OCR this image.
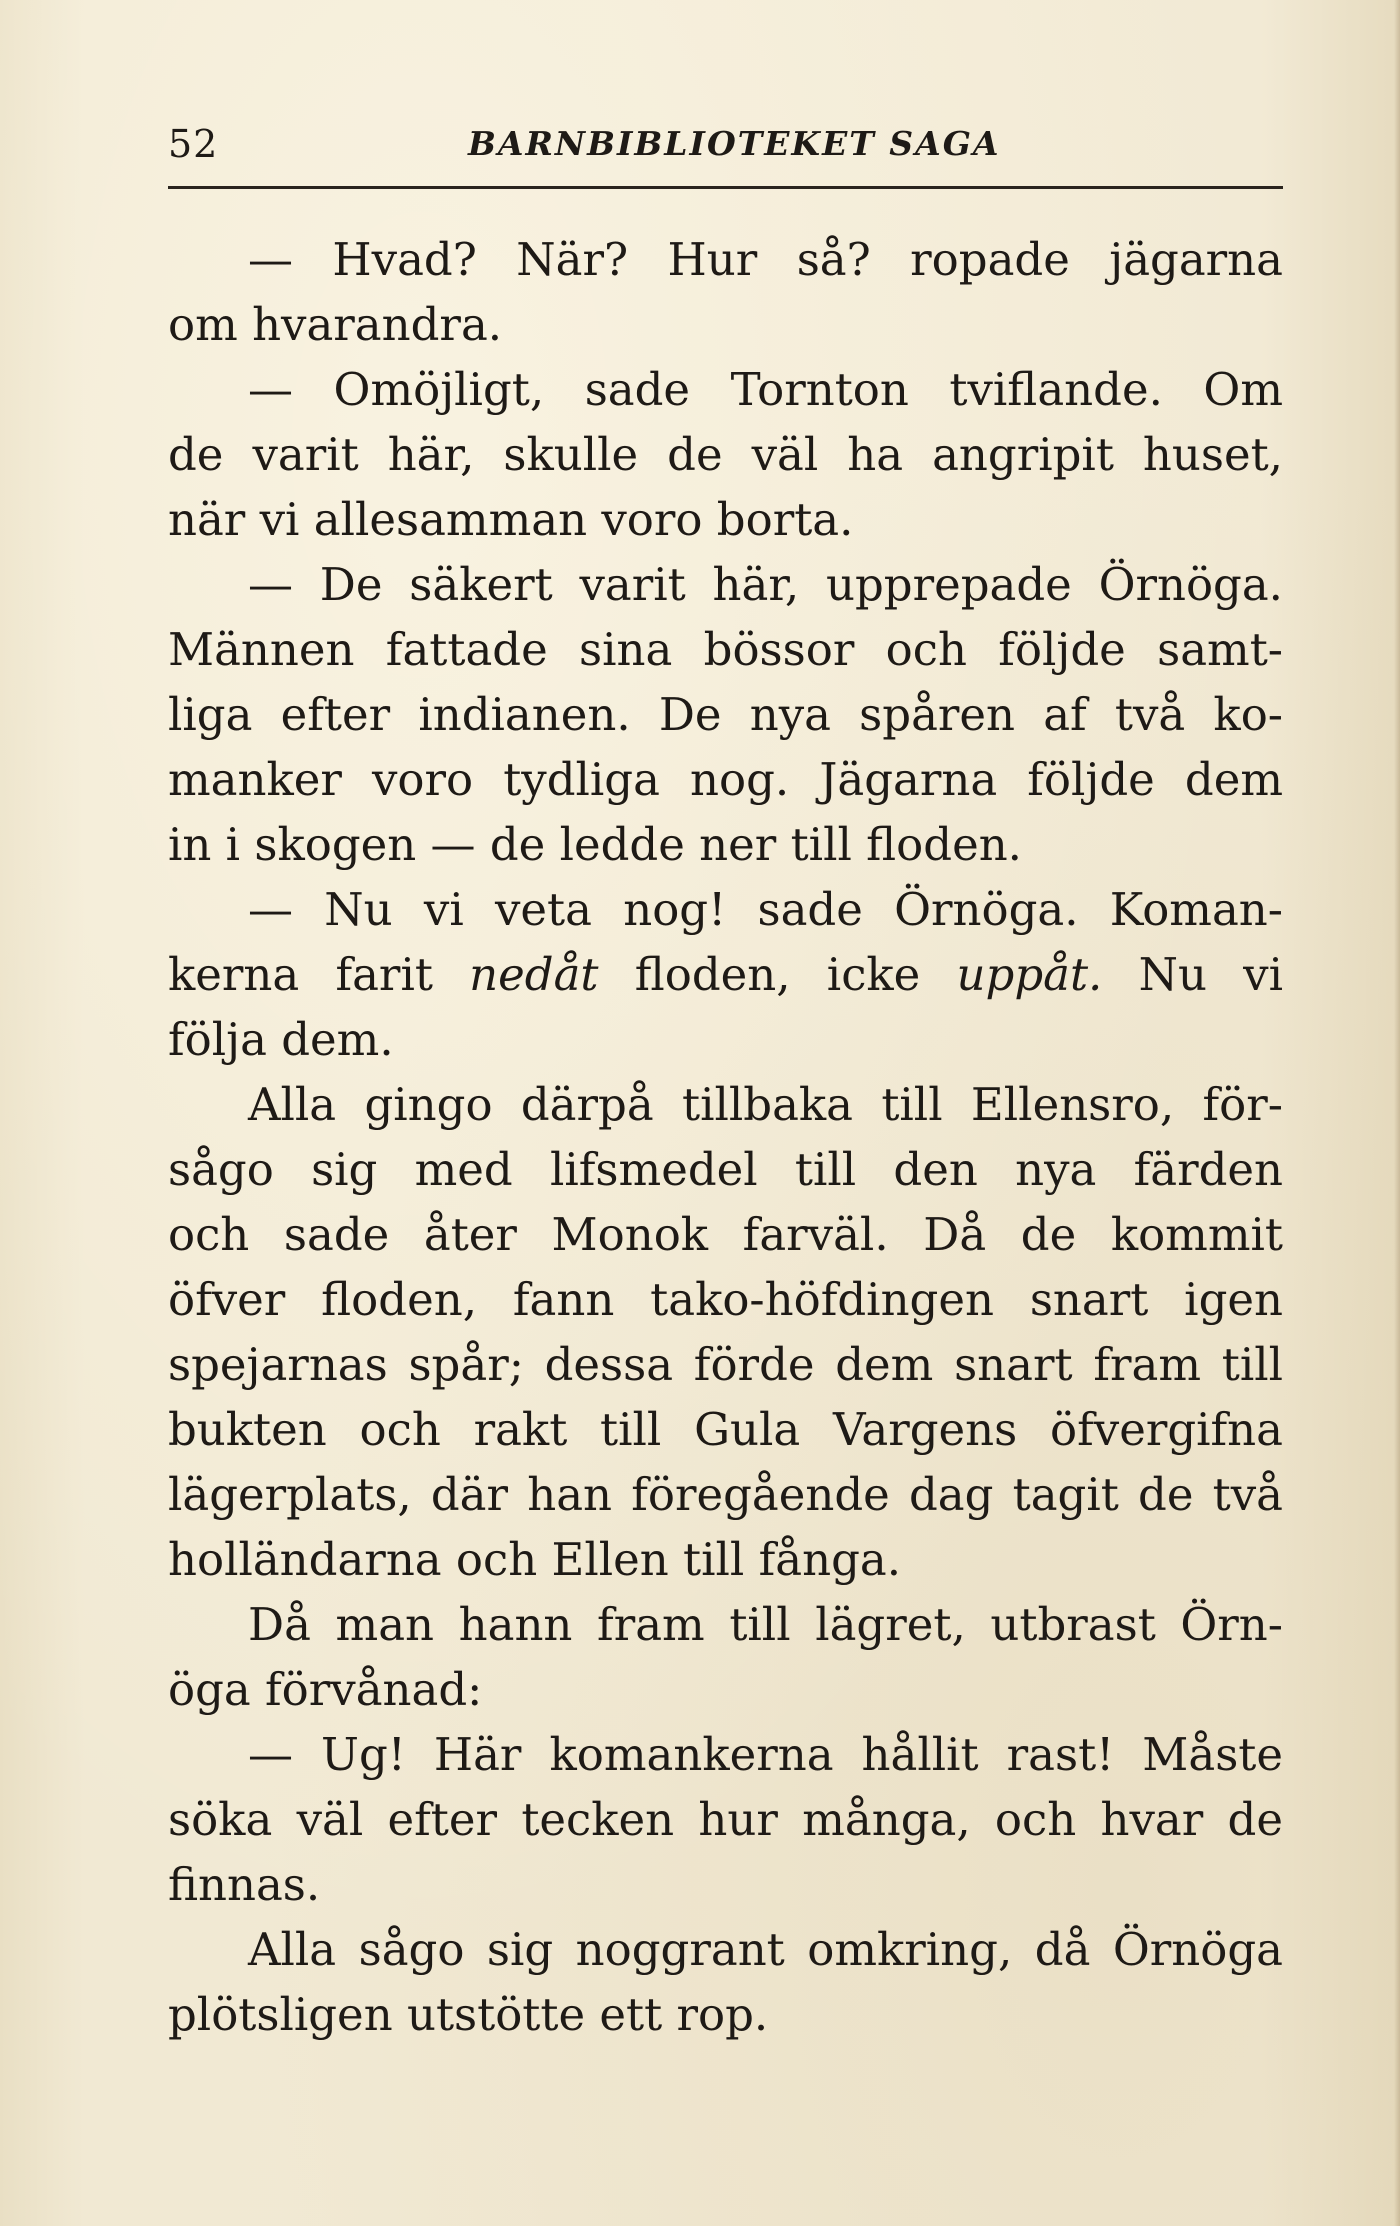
52	BARNBIBLIOTEKET SAGA
— Hvad? När? Hur så? ropade jägarna
om hvarandra.
— Omöjligt, sade Tornton tviflande. Om
de varit här, skulle de väl ha angripit huset,
när vi allesamman voro borta.
— De säkert varit här, upprepade Örnöga.
Männen fattade sina bössor och följde samt-
liga efter indianen. De nya spåren af två ko-
manker voro tydliga nog. Jägarna följde dem
in i skogen — de ledde ner till floden.
— Nu vi veta nog! sade Örnöga. Koman-
kerna farit nedåt floden, icke uppåt. Nu vi
följa dem.
Alla gingo därpå tillbaka till Ellensro, för-
sågo sig med lifsmedel till den nya färden
och sade åter Monok farväl. Då de kommit
öfver floden, fann tako-höfdingen snart igen
spejarnas spår; dessa förde dem snart fram till
bukten och rakt till Gula Vargens öfvergifna
lägerplats, där han föregående dag tagit de två
holländarna och Ellen till fånga.
Då man hann fram till lägret, utbrast Örn-
öga förvånad:
— Ug! Här komankerna hållit rast! Måste
söka väl efter tecken hur många, och hvar de
finnas.
Alla sågo sig noggrant omkring, då Örnöga
plötsligen utstötte ett rop.
